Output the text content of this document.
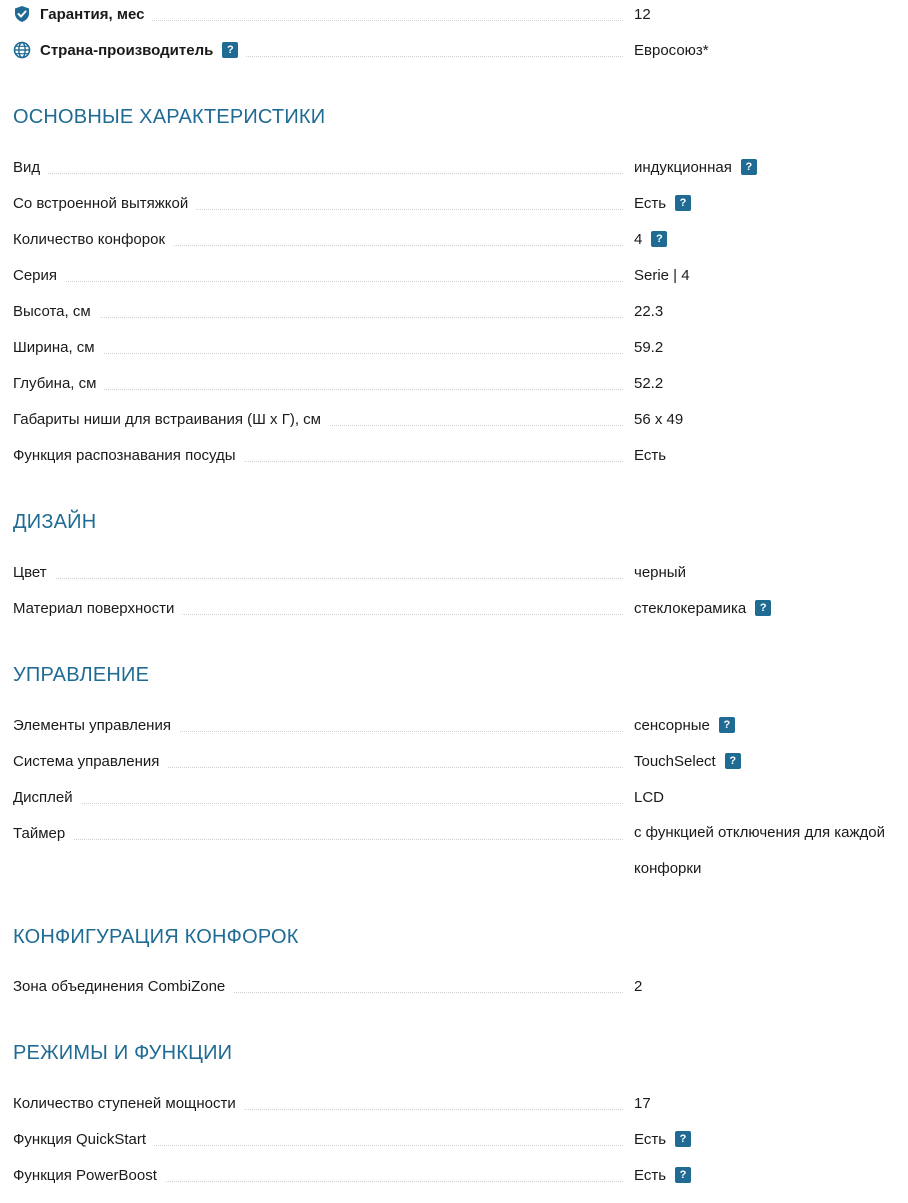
Гарантия, мес	12
Страна-производитель	?	Евросоюз*
ОСНОВНЫЕ ХАРАКТЕРИСТИКИ
Вид	индукционная	?
Со встроенной вытяжкой	Есть	?
Количество конфорок	4	?
Серия	Serie | 4
Высота, см	22.3
Ширина, см	59.2
Глубина, см	52.2
Габариты ниши для встраивания (Ш x Г), см	56 x 49
Функция распознавания посуды	Есть
ДИЗАЙН
Цвет	черный
Материал поверхности	стеклокерамика	?
УПРАВЛЕНИЕ
Элементы управления	сенсорные	?
Система управления	TouchSelect	?
Дисплей	LCD
Таймер	с функцией отключения для каждой
конфорки
КОНФИГУРАЦИЯ КОНФОРОК
Зона объединения CombiZone	2
РЕЖИМЫ И ФУНКЦИИ
Количество ступеней мощности	17
Функция QuickStart	Есть	?
Функция PowerBoost	Есть	?
